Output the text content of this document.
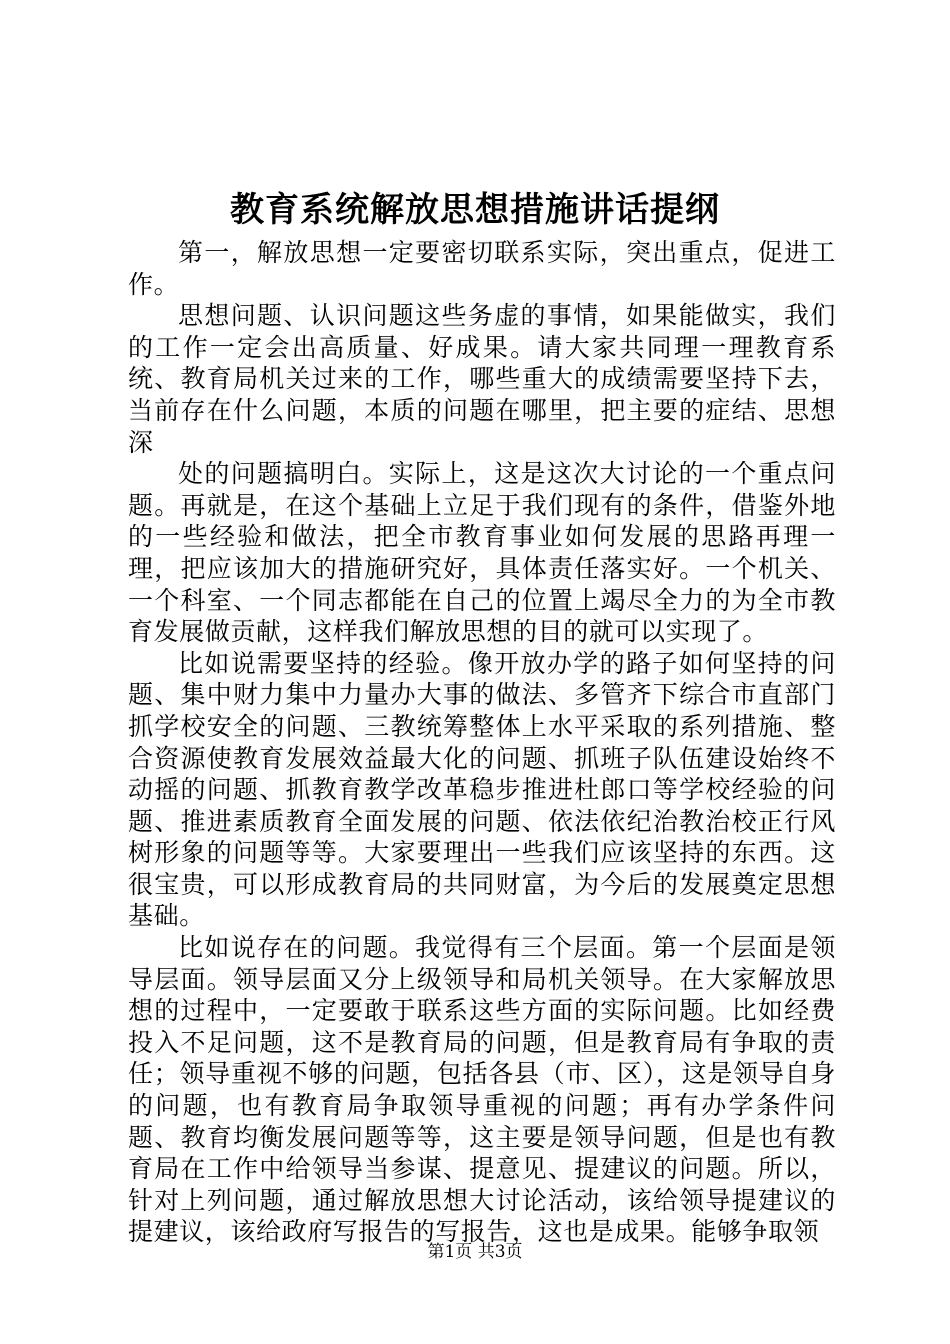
教育系统解放思想措施讲话提纲

第一，解放思想一定要密切联系实际，突出重点，促进工作。

思想问题、认识问题这些务虚的事情，如果能做实，我们的工作一定会出高质量、好成果。请大家共同理一理教育系统、教育局机关过来的工作，哪些重大的成绩需要坚持下去，当前存在什么问题，本质的问题在哪里，把主要的症结、思想深

处的问题搞明白。实际上，这是这次大讨论的一个重点问题。再就是，在这个基础上立足于我们现有的条件，借鉴外地的一些经验和做法，把全市教育事业如何发展的思路再理一理，把应该加大的措施研究好，具体责任落实好。一个机关、一个科室、一个同志都能在自己的位置上竭尽全力的为全市教育发展做贡献，这样我们解放思想的目的就可以实现了。

比如说需要坚持的经验。像开放办学的路子如何坚持的问题、集中财力集中力量办大事的做法、多管齐下综合市直部门抓学校安全的问题、三教统筹整体上水平采取的系列措施、整合资源使教育发展效益最大化的问题、抓班子队伍建设始终不动摇的问题、抓教育教学改革稳步推进杜郎口等学校经验的问题、推进素质教育全面发展的问题、依法依纪治教治校正行风树形象的问题等等。大家要理出一些我们应该坚持的东西。这很宝贵，可以形成教育局的共同财富，为今后的发展奠定思想基础。

比如说存在的问题。我觉得有三个层面。第一个层面是领导层面。领导层面又分上级领导和局机关领导。在大家解放思想的过程中，一定要敢于联系这些方面的实际问题。比如经费投入不足问题，这不是教育局的问题，但是教育局有争取的责任；领导重视不够的问题，包括各县（市、区），这是领导自身的问题，也有教育局争取领导重视的问题；再有办学条件问题、教育均衡发展问题等等，这主要是领导问题，但是也有教育局在工作中给领导当参谋、提意见、提建议的问题。所以，针对上列问题，通过解放思想大讨论活动，该给领导提建议的提建议，该给政府写报告的写报告，这也是成果。能够争取领

第1页 共3页
